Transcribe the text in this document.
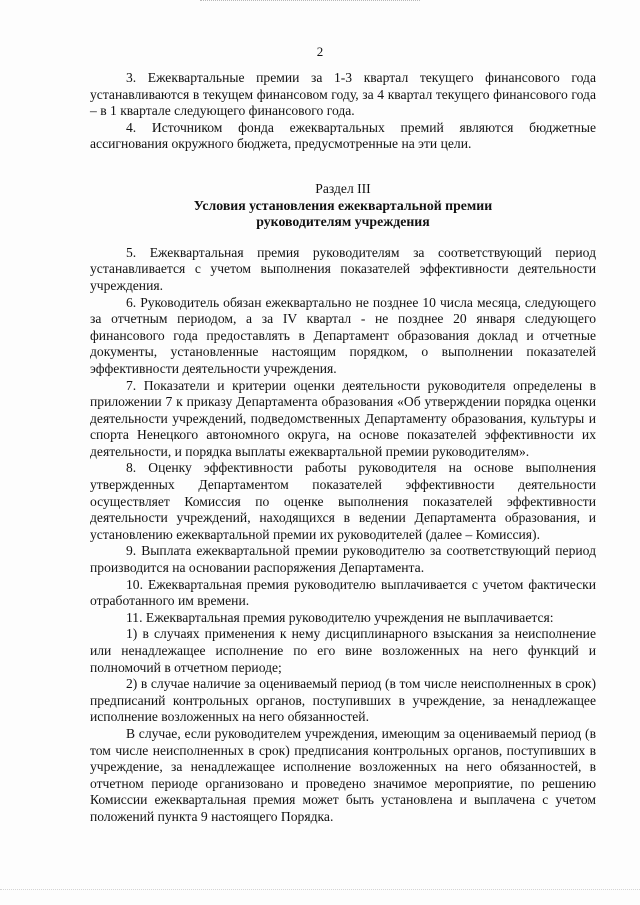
2

3. Ежеквартальные премии за 1-3 квартал текущего финансового года устанавливаются в текущем финансовом году, за 4 квартал текущего финансового года – в 1 квартале следующего финансового года.

4. Источником фонда ежеквартальных премий являются бюджетные ассигнования окружного бюджета, предусмотренные на эти цели.

Раздел III

Условия установления ежеквартальной премии

руководителям учреждения

5. Ежеквартальная премия руководителям за соответствующий период устанавливается с учетом выполнения показателей эффективности деятельности учреждения.

6. Руководитель обязан ежеквартально не позднее 10 числа месяца, следующего за отчетным периодом, а за IV квартал - не позднее 20 января следующего финансового года предоставлять в Департамент образования доклад и отчетные документы, установленные настоящим порядком, о выполнении показателей эффективности деятельности учреждения.

7. Показатели и критерии оценки деятельности руководителя определены в приложении 7 к приказу Департамента образования «Об утверждении порядка оценки деятельности учреждений, подведомственных Департаменту образования, культуры и спорта Ненецкого автономного округа, на основе показателей эффективности их деятельности, и порядка выплаты ежеквартальной премии руководителям».

8. Оценку эффективности работы руководителя на основе выполнения утвержденных Департаментом показателей эффективности деятельности осуществляет Комиссия по оценке выполнения показателей эффективности деятельности учреждений, находящихся в ведении Департамента образования, и установлению ежеквартальной премии их руководителей (далее – Комиссия).

9. Выплата ежеквартальной премии руководителю за соответствующий период производится на основании распоряжения Департамента.

10. Ежеквартальная премия руководителю выплачивается с учетом фактически отработанного им времени.

11. Ежеквартальная премия руководителю учреждения не выплачивается:

1) в случаях применения к нему дисциплинарного взыскания за неисполнение или ненадлежащее исполнение по его вине возложенных на него функций и полномочий в отчетном периоде;

2) в случае наличие за оцениваемый период (в том числе неисполненных в срок) предписаний контрольных органов, поступивших в учреждение, за ненадлежащее исполнение возложенных на него обязанностей.

В случае, если руководителем учреждения, имеющим за оцениваемый период (в том числе неисполненных в срок) предписания контрольных органов, поступивших в учреждение, за ненадлежащее исполнение возложенных на него обязанностей, в отчетном периоде организовано и проведено значимое мероприятие, по решению Комиссии ежеквартальная премия может быть установлена и выплачена с учетом положений пункта 9 настоящего Порядка.
